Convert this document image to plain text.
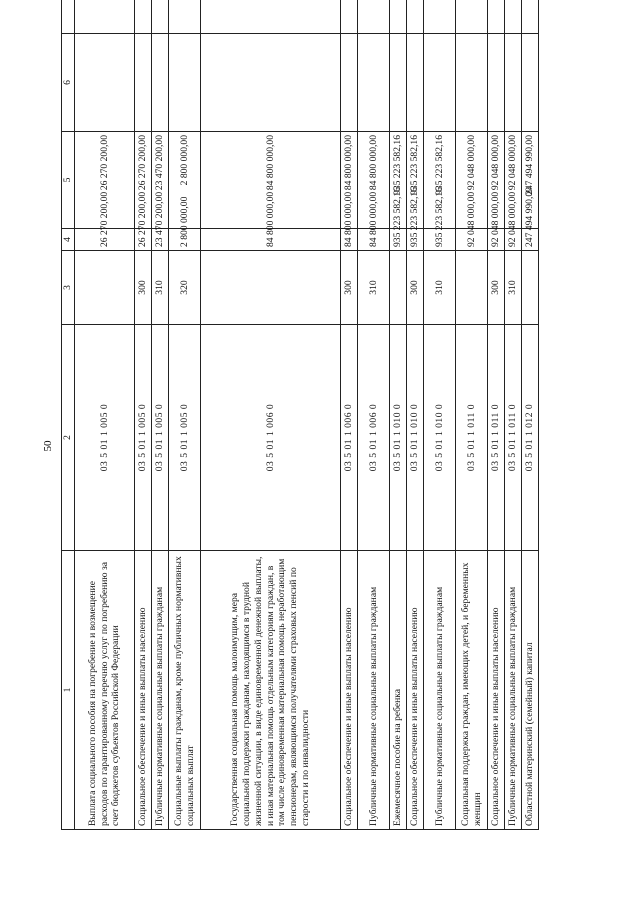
50
1	2	3	4	5	6	
Выплата социального пособия на погребение и возмещение расходов по гарантированному перечню услуг по погребению за счет бюджетов субъектов Российской Федерации	03 5 01 1 005 0		26 270 200,00	26 270 200,00		
Социальное обеспечение и иные выплаты населению	03 5 01 1 005 0	300	26 270 200,00	26 270 200,00		
Публичные нормативные социальные выплаты гражданам	03 5 01 1 005 0	310	23 470 200,00	23 470 200,00		
Социальные выплаты гражданам, кроме публичных нормативных социальных выплат	03 5 01 1 005 0	320	2 800 000,00	2 800 000,00		
Государственная социальная помощь малоимущим, мера социальной поддержки гражданам, находящимся в трудной жизненной ситуации, в виде единовременной денежной выплаты, и иная материальная помощь отдельным категориям граждан, в том числе единовременная материальная помощь неработающим пенсионерам, являющимся получателями страховых пенсий по старости и по инвалидности	03 5 01 1 006 0		84 800 000,00	84 800 000,00		
Социальное обеспечение и иные выплаты населению	03 5 01 1 006 0	300	84 800 000,00	84 800 000,00		
Публичные нормативные социальные выплаты гражданам	03 5 01 1 006 0	310	84 800 000,00	84 800 000,00		
Ежемесячное пособие на ребенка	03 5 01 1 010 0		935 223 582,16	935 223 582,16		
Социальное обеспечение и иные выплаты населению	03 5 01 1 010 0	300	935 223 582,16	935 223 582,16		
Публичные нормативные социальные выплаты гражданам	03 5 01 1 010 0	310	935 223 582,16	935 223 582,16		
Социальная поддержка граждан, имеющих детей, и беременных женщин	03 5 01 1 011 0		92 048 000,00	92 048 000,00		
Социальное обеспечение и иные выплаты населению	03 5 01 1 011 0	300	92 048 000,00	92 048 000,00		
Публичные нормативные социальные выплаты гражданам	03 5 01 1 011 0	310	92 048 000,00	92 048 000,00		
Областной материнский (семейный) капитал	03 5 01 1 012 0		247 494 990,00	247 494 990,00		
